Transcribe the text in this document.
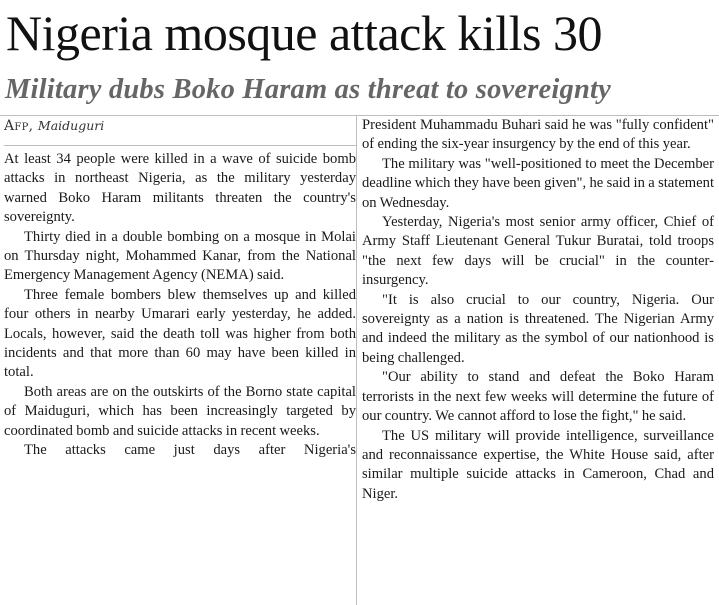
Nigeria mosque attack kills 30
Military dubs Boko Haram as threat to sovereignty
Afp, Maiduguri

At least 34 people were killed in a wave of suicide bomb attacks in northeast Nigeria, as the military yesterday warned Boko Haram militants threaten the country's sovereignty.

Thirty died in a double bombing on a mosque in Molai on Thursday night, Mohammed Kanar, from the National Emergency Management Agency (NEMA) said.

Three female bombers blew themselves up and killed four others in nearby Umarari early yesterday, he added. Locals, however, said the death toll was higher from both incidents and that more than 60 may have been killed in total.

Both areas are on the outskirts of the Borno state capital of Maiduguri, which has been increasingly targeted by coordinated bomb and suicide attacks in recent weeks.

The attacks came just days after Nigeria's

President Muhammadu Buhari said he was "fully confident" of ending the six-year insurgency by the end of this year.

The military was "well-positioned to meet the December deadline which they have been given", he said in a statement on Wednesday.

Yesterday, Nigeria's most senior army officer, Chief of Army Staff Lieutenant General Tukur Buratai, told troops "the next few days will be crucial" in the counter-insurgency.

"It is also crucial to our country, Nigeria. Our sovereignty as a nation is threatened. The Nigerian Army and indeed the military as the symbol of our nationhood is being challenged.

"Our ability to stand and defeat the Boko Haram terrorists in the next few weeks will determine the future of our country. We cannot afford to lose the fight," he said.

The US military will provide intelligence, surveillance and reconnaissance expertise, the White House said, after similar multiple suicide attacks in Cameroon, Chad and Niger.
